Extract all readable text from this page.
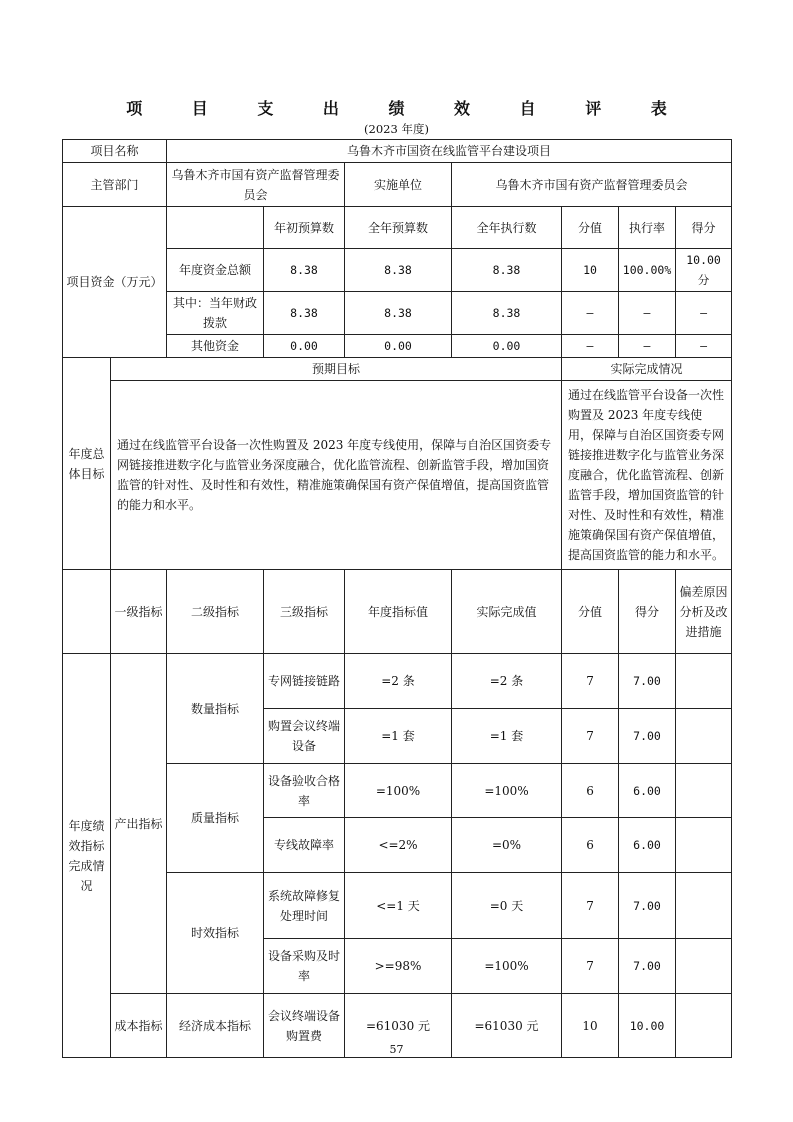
项 目 支 出 绩 效 自 评 表
(2023 年度)
项目名称		乌鲁木齐市国资在线监管平台建设项目						
主管部门		乌鲁木齐市国有资产监督管理委员会		实施单位	乌鲁木齐市国有资产监督管理委员会			
项目资金（万元）			年初预算数	全年预算数	全年执行数	分值	执行率	得分
		年度资金总额	8.38	8.38	8.38	10	100.00%	10.00 分
		其中：当年财政拨款	8.38	8.38	8.38	—	—	—
		其他资金	0.00	0.00	0.00	—	—	—
年度总体目标	预期目标					实际完成情况		
	通过在线监管平台设备一次性购置及 2023 年度专线使用，保障与自治区国资委专网链接推进数字化与监管业务深度融合，优化监管流程、创新监管手段，增加国资监管的针对性、及时性和有效性，精准施策确保国有资产保值增值，提高国资监管的能力和水平。					通过在线监管平台设备一次性购置及 2023 年度专线使用，保障与自治区国资委专网链接推进数字化与监管业务深度融合，优化监管流程、创新监管手段，增加国资监管的针对性、及时性和有效性，精准施策确保国有资产保值增值，提高国资监管的能力和水平。		
	一级指标	二级指标	三级指标	年度指标值	实际完成值	分值	得分	偏差原因分析及改进措施
年度绩效指标完成情况	产出指标	数量指标	专网链接链路	=2 条	=2 条	7	7.00	
			购置会议终端设备	=1 套	=1 套	7	7.00	
		质量指标	设备验收合格率	=100%	=100%	6	6.00	
			专线故障率	<=2%	=0%	6	6.00	
		时效指标	系统故障修复处理时间	<=1 天	=0 天	7	7.00	
			设备采购及时率	>=98%	=100%	7	7.00	
	成本指标	经济成本指标	会议终端设备购置费	=61030 元	=61030 元	10	10.00	
57
